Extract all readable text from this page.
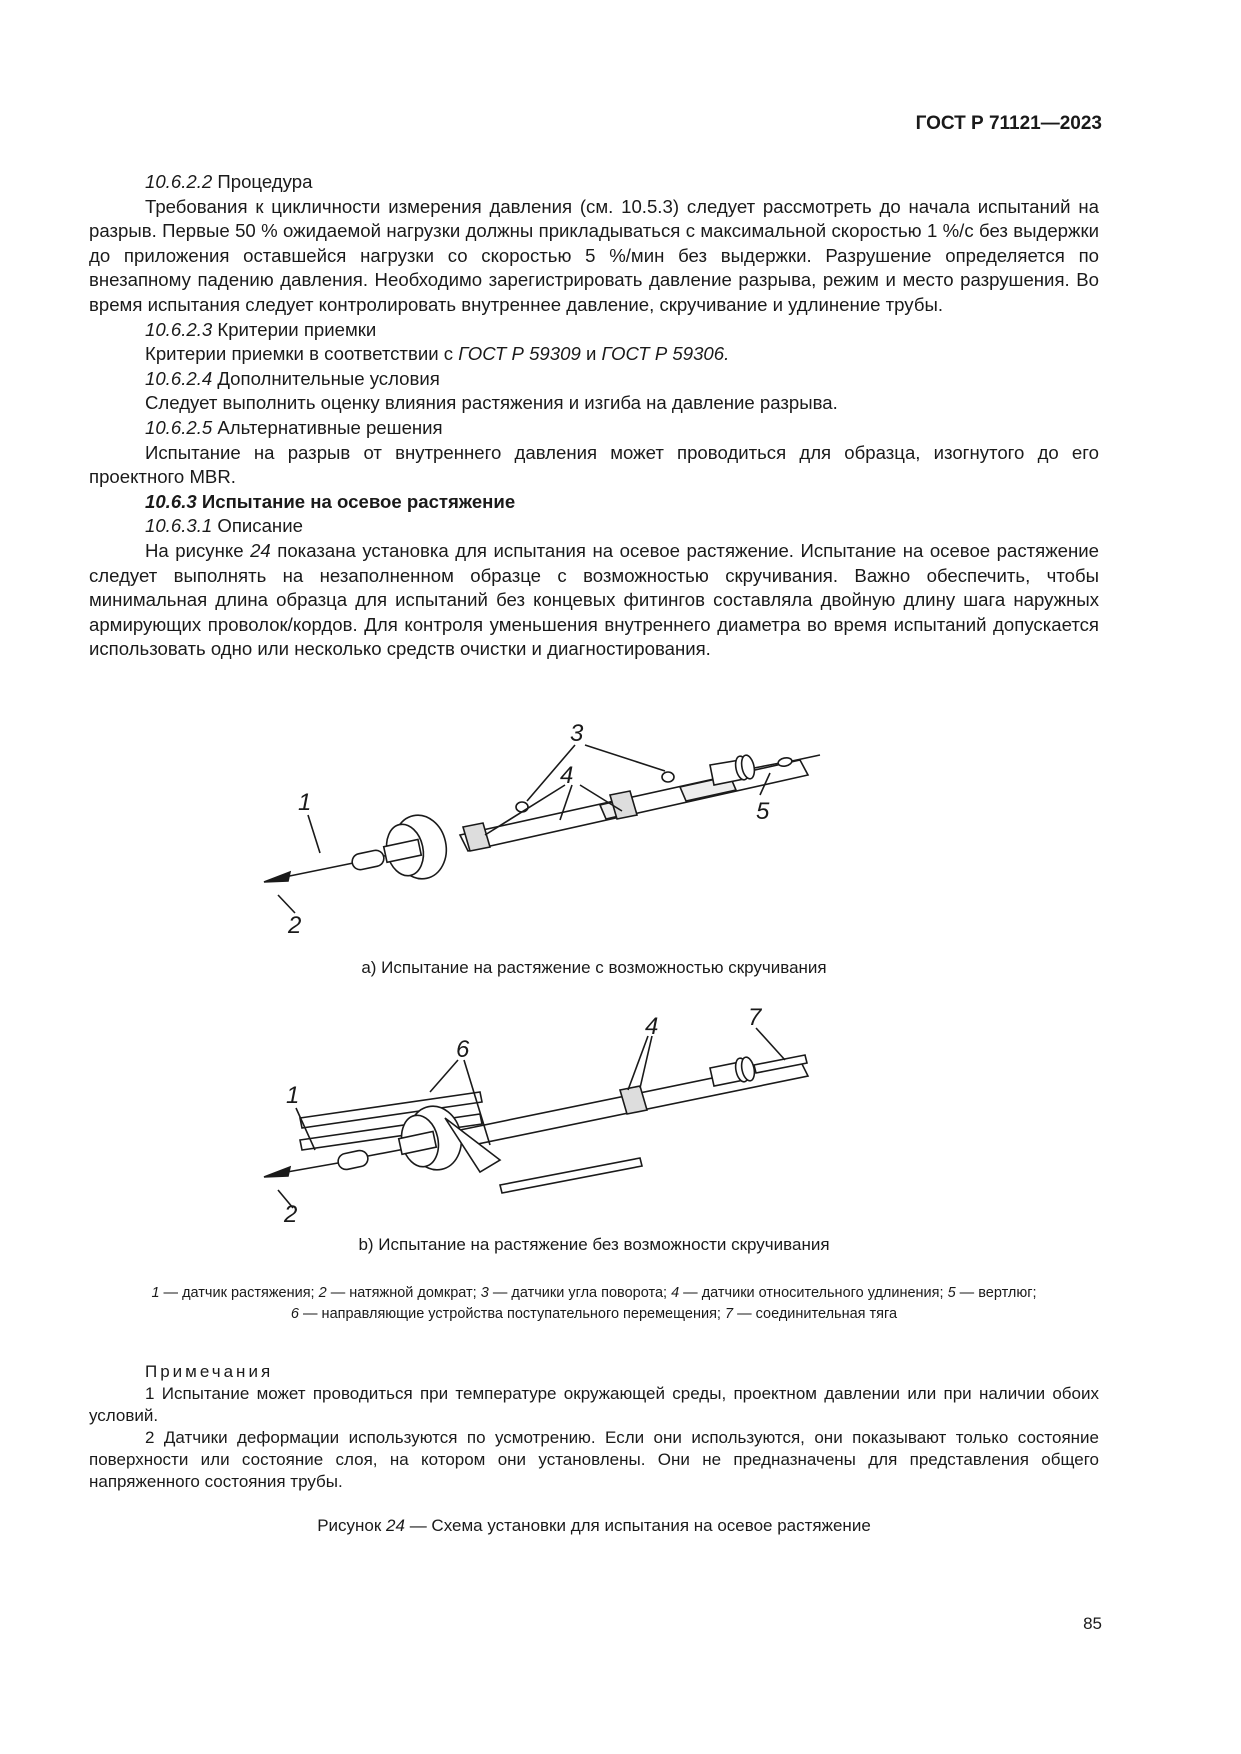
ГОСТ Р 71121—2023

10.6.2.2 Процедура

Требования к цикличности измерения давления (см. 10.5.3) следует рассмотреть до начала испытаний на разрыв. Первые 50 % ожидаемой нагрузки должны прикладываться с максимальной скоростью 1 %/с без выдержки до приложения оставшейся нагрузки со скоростью 5 %/мин без выдержки. Разрушение определяется по внезапному падению давления. Необходимо зарегистрировать давление разрыва, режим и место разрушения. Во время испытания следует контролировать внутреннее давление, скручивание и удлинение трубы.

10.6.2.3 Критерии приемки

Критерии приемки в соответствии с ГОСТ Р 59309 и ГОСТ Р 59306.

10.6.2.4 Дополнительные условия

Следует выполнить оценку влияния растяжения и изгиба на давление разрыва.

10.6.2.5 Альтернативные решения

Испытание на разрыв от внутреннего давления может проводиться для образца, изогнутого до его проектного MBR.

10.6.3 Испытание на осевое растяжение

10.6.3.1 Описание

На рисунке 24 показана установка для испытания на осевое растяжение. Испытание на осевое растяжение следует выполнять на незаполненном образце с возможностью скручивания. Важно обеспечить, чтобы минимальная длина образца для испытаний без концевых фитингов составляла двойную длину шага наружных армирующих проволок/кордов. Для контроля уменьшения внутреннего диаметра во время испытаний допускается использовать одно или несколько средств очистки и диагностирования.

1
2
3
4
5
а) Испытание на растяжение с возможностью скручивания
1
2
6
4	7
b) Испытание на растяжение без возможности скручивания
1 — датчик растяжения; 2 — натяжной домкрат; 3 — датчики угла поворота; 4 — датчики относительного удлинения; 5 — вертлюг;
6 — направляющие устройства поступательного перемещения; 7 — соединительная тяга

Примечания

1 Испытание может проводиться при температуре окружающей среды, проектном давлении или при наличии обоих условий.

2 Датчики деформации используются по усмотрению. Если они используются, они показывают только состояние поверхности или состояние слоя, на котором они установлены. Они не предназначены для представления общего напряженного состояния трубы.

Рисунок 24 — Схема установки для испытания на осевое растяжение
85
